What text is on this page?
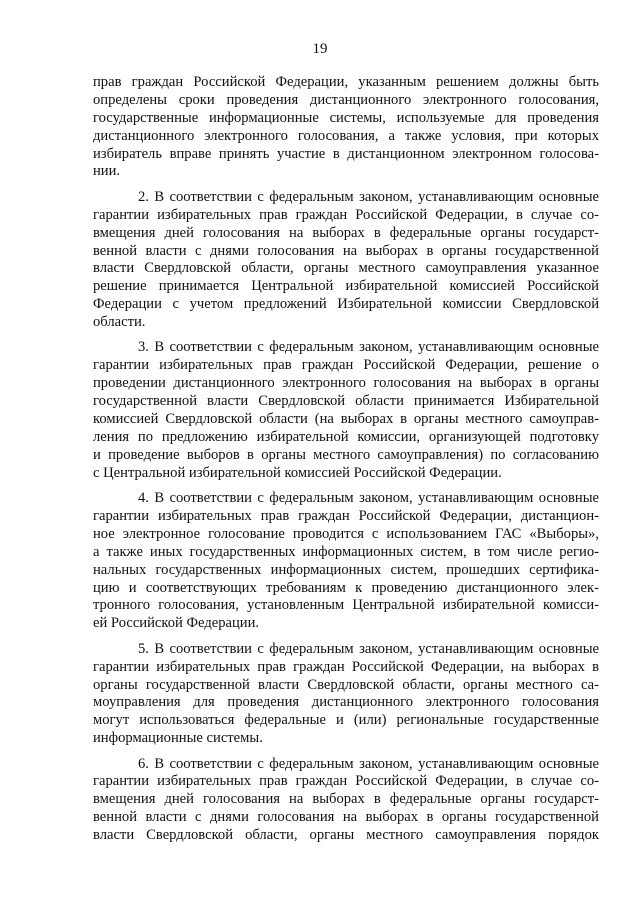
19

прав граждан Российской Федерации, указанным решением должны быть
определены сроки проведения дистанционного электронного голосования,
государственные информационные системы, используемые для проведения
дистанционного электронного голосования, а также условия, при которых
избиратель вправе принять участие в дистанционном электронном голосова-
нии.
2. В соответствии с федеральным законом, устанавливающим основные
гарантии избирательных прав граждан Российской Федерации, в случае со-
вмещения дней голосования на выборах в федеральные органы государст-
венной власти с днями голосования на выборах в органы государственной
власти Свердловской области, органы местного самоуправления указанное
решение принимается Центральной избирательной комиссией Российской
Федерации с учетом предложений Избирательной комиссии Свердловской
области.
3. В соответствии с федеральным законом, устанавливающим основные
гарантии избирательных прав граждан Российской Федерации, решение о
проведении дистанционного электронного голосования на выборах в органы
государственной власти Свердловской области принимается Избирательной
комиссией Свердловской области (на выборах в органы местного самоуправ-
ления по предложению избирательной комиссии, организующей подготовку
и проведение выборов в органы местного самоуправления) по согласованию
с Центральной избирательной комиссией Российской Федерации.
4. В соответствии с федеральным законом, устанавливающим основные
гарантии избирательных прав граждан Российской Федерации, дистанцион-
ное электронное голосование проводится с использованием ГАС «Выборы»,
а также иных государственных информационных систем, в том числе регио-
нальных государственных информационных систем, прошедших сертифика-
цию и соответствующих требованиям к проведению дистанционного элек-
тронного голосования, установленным Центральной избирательной комисси-
ей Российской Федерации.
5. В соответствии с федеральным законом, устанавливающим основные
гарантии избирательных прав граждан Российской Федерации, на выборах в
органы государственной власти Свердловской области, органы местного са-
моуправления для проведения дистанционного электронного голосования
могут использоваться федеральные и (или) региональные государственные
информационные системы.
6. В соответствии с федеральным законом, устанавливающим основные
гарантии избирательных прав граждан Российской Федерации, в случае со-
вмещения дней голосования на выборах в федеральные органы государст-
венной власти с днями голосования на выборах в органы государственной
власти Свердловской области, органы местного самоуправления порядок
